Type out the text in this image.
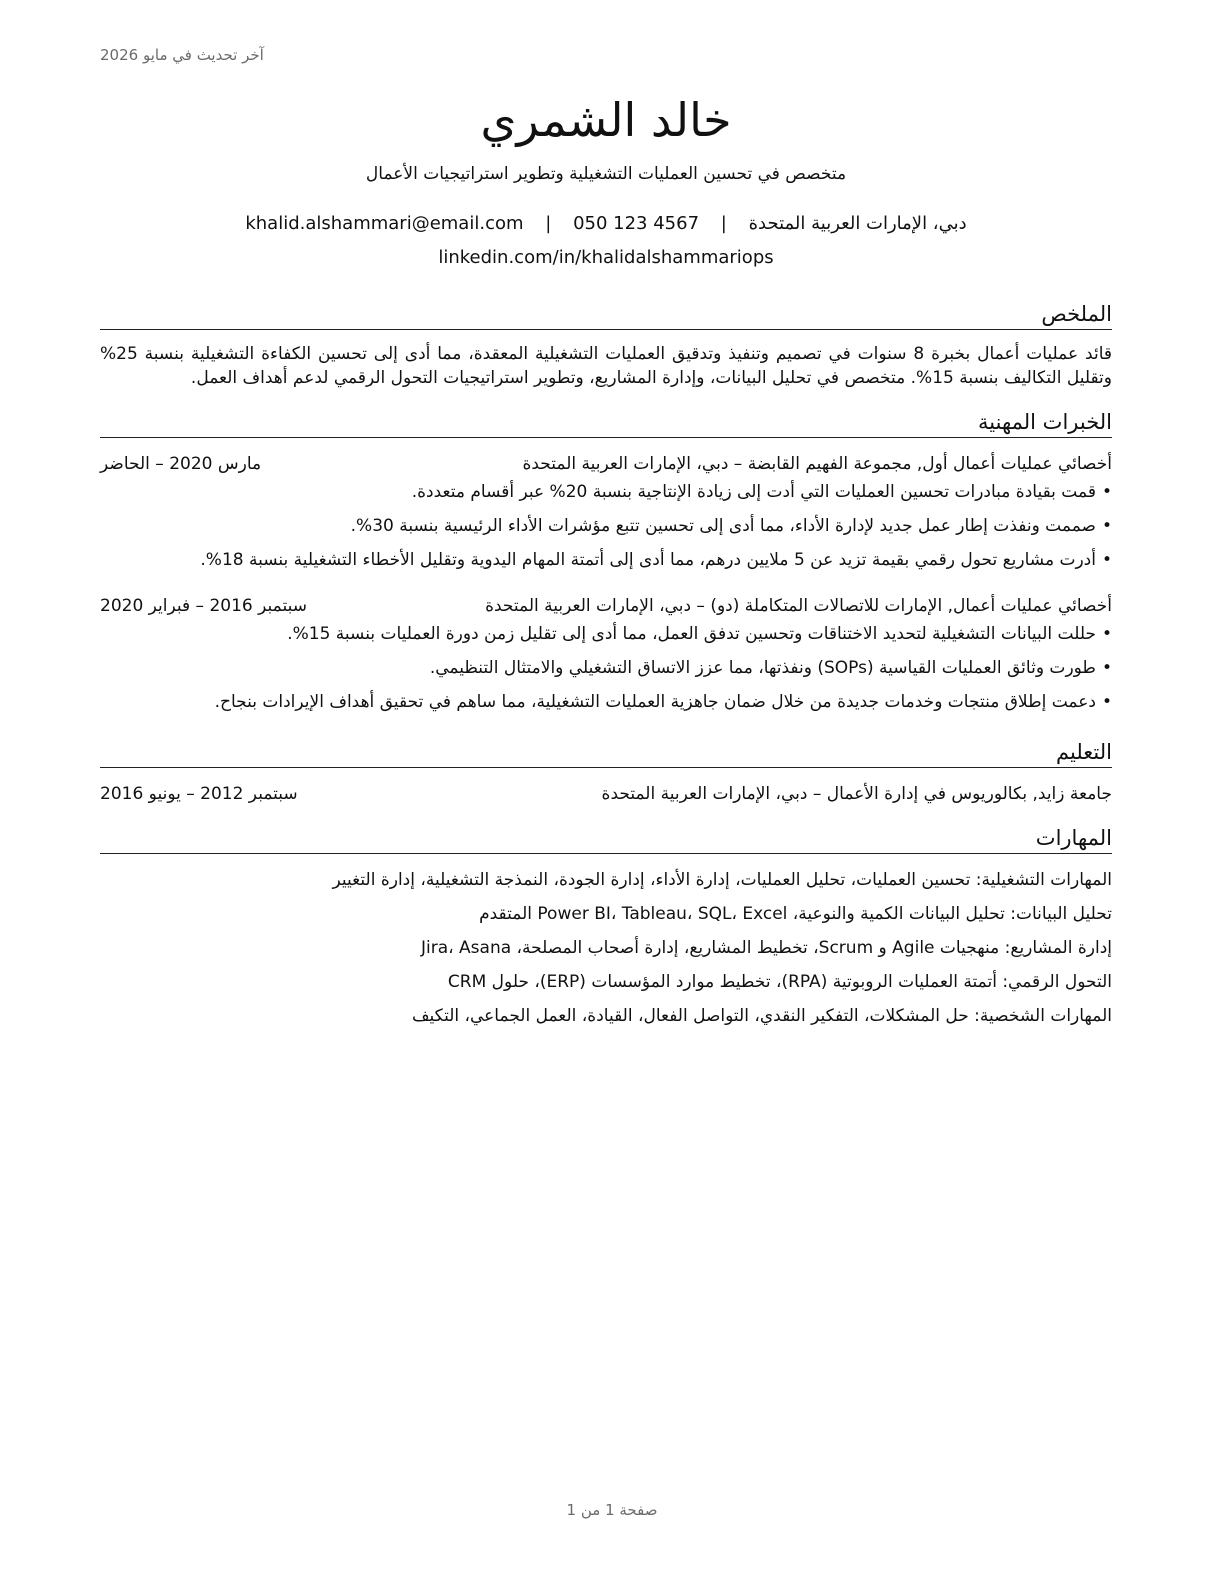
آخر تحديث في مايو 2026
خالد الشمري
متخصص في تحسين العمليات التشغيلية وتطوير استراتيجيات الأعمال
دبي، الإمارات العربية المتحدة | khalid.alshammari@email.com | 050 123 4567
linkedin.com/in/khalidalshammariops
الملخص
قائد عمليات أعمال بخبرة 8 سنوات في تصميم وتنفيذ وتدقيق العمليات التشغيلية المعقدة، مما أدى إلى تحسين الكفاءة التشغيلية بنسبة 25% وتقليل التكاليف بنسبة 15%. متخصص في تحليل البيانات، وإدارة المشاريع، وتطوير استراتيجيات التحول الرقمي لدعم أهداف العمل.
الخبرات المهنية
أخصائي عمليات أعمال أول, مجموعة الفهيم القابضة – دبي، الإمارات العربية المتحدة
مارس 2020 – الحاضر
•قمت بقيادة مبادرات تحسين العمليات التي أدت إلى زيادة الإنتاجية بنسبة 20% عبر أقسام متعددة.
•صممت ونفذت إطار عمل جديد لإدارة الأداء، مما أدى إلى تحسين تتبع مؤشرات الأداء الرئيسية بنسبة 30%.
•أدرت مشاريع تحول رقمي بقيمة تزيد عن 5 ملايين درهم، مما أدى إلى أتمتة المهام اليدوية وتقليل الأخطاء التشغيلية بنسبة 18%.
أخصائي عمليات أعمال, الإمارات للاتصالات المتكاملة (دو) – دبي، الإمارات العربية المتحدة
سبتمبر 2016 – فبراير 2020
•حللت البيانات التشغيلية لتحديد الاختناقات وتحسين تدفق العمل، مما أدى إلى تقليل زمن دورة العمليات بنسبة 15%.
•طورت وثائق العمليات القياسية (SOPs) ونفذتها، مما عزز الاتساق التشغيلي والامتثال التنظيمي.
•دعمت إطلاق منتجات وخدمات جديدة من خلال ضمان جاهزية العمليات التشغيلية، مما ساهم في تحقيق أهداف الإيرادات بنجاح.
التعليم
جامعة زايد, بكالوريوس في إدارة الأعمال – دبي، الإمارات العربية المتحدة
سبتمبر 2012 – يونيو 2016
المهارات
المهارات التشغيلية: تحسين العمليات، تحليل العمليات، إدارة الأداء، إدارة الجودة، النمذجة التشغيلية، إدارة التغيير
تحليل البيانات: تحليل البيانات الكمية والنوعية، Power BI، Tableau، SQL، Excel المتقدم
إدارة المشاريع: منهجيات Agile و Scrum، تخطيط المشاريع، إدارة أصحاب المصلحة، Jira، Asana
التحول الرقمي: أتمتة العمليات الروبوتية (RPA)، تخطيط موارد المؤسسات (ERP)، حلول CRM
المهارات الشخصية: حل المشكلات، التفكير النقدي، التواصل الفعال، القيادة، العمل الجماعي، التكيف
صفحة 1 من 1
